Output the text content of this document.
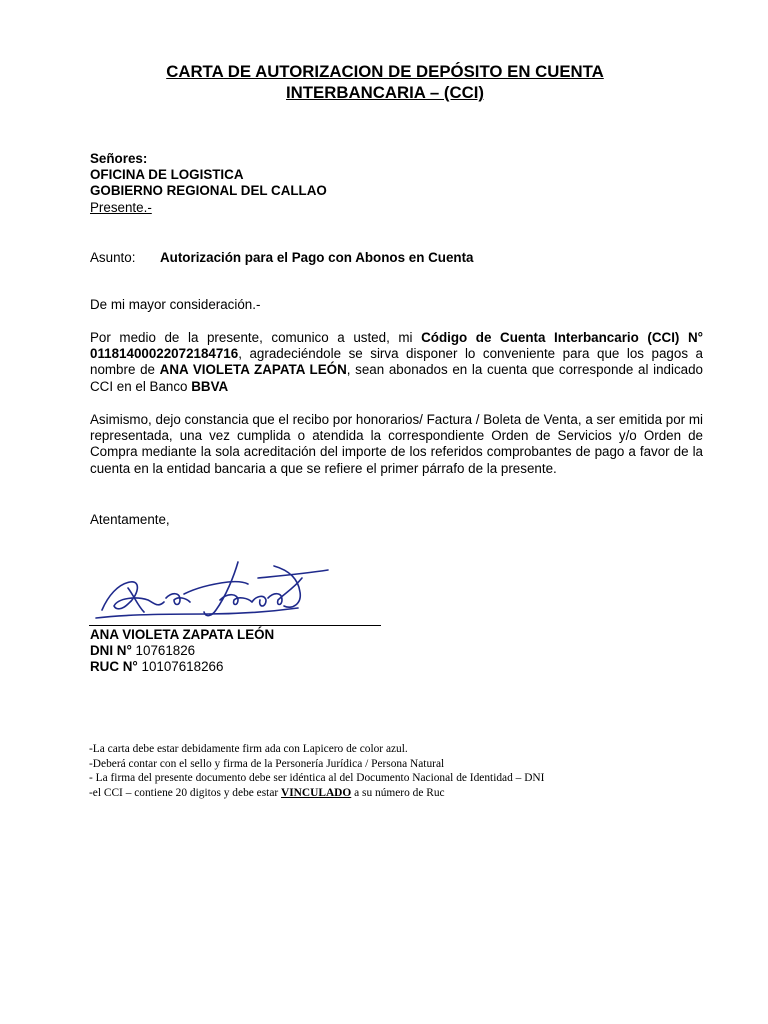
CARTA DE AUTORIZACION DE DEPÓSITO EN CUENTA
INTERBANCARIA – (CCI)
Señores:
OFICINA DE LOGISTICA
GOBIERNO REGIONAL DEL CALLAO
Presente.-
Asunto: Autorización para el Pago con Abonos en Cuenta
De mi mayor consideración.-
Por medio de la presente, comunico a usted, mi Código de Cuenta Interbancario (CCI) N° 01181400022072184716, agradeciéndole se sirva disponer lo conveniente para que los pagos a nombre de ANA VIOLETA ZAPATA LEÓN, sean abonados en la cuenta que corresponde al indicado CCI en el Banco BBVA
Asimismo, dejo constancia que el recibo por honorarios/ Factura / Boleta de Venta, a ser emitida por mi representada, una vez cumplida o atendida la correspondiente Orden de Servicios y/o Orden de Compra mediante la sola acreditación del importe de los referidos comprobantes de pago a favor de la cuenta en la entidad bancaria a que se refiere el primer párrafo de la presente.
Atentamente,
ANA VIOLETA ZAPATA LEÓN
DNI N° 10761826
RUC N° 10107618266
-La carta debe estar debidamente firm ada con Lapicero de color azul.
-Deberá contar con el sello y firma de la Personería Jurídica / Persona Natural
- La firma del presente documento debe ser idéntica al del Documento Nacional de Identidad – DNI
-el CCI – contiene 20 digitos y debe estar VINCULADO a su número de Ruc
